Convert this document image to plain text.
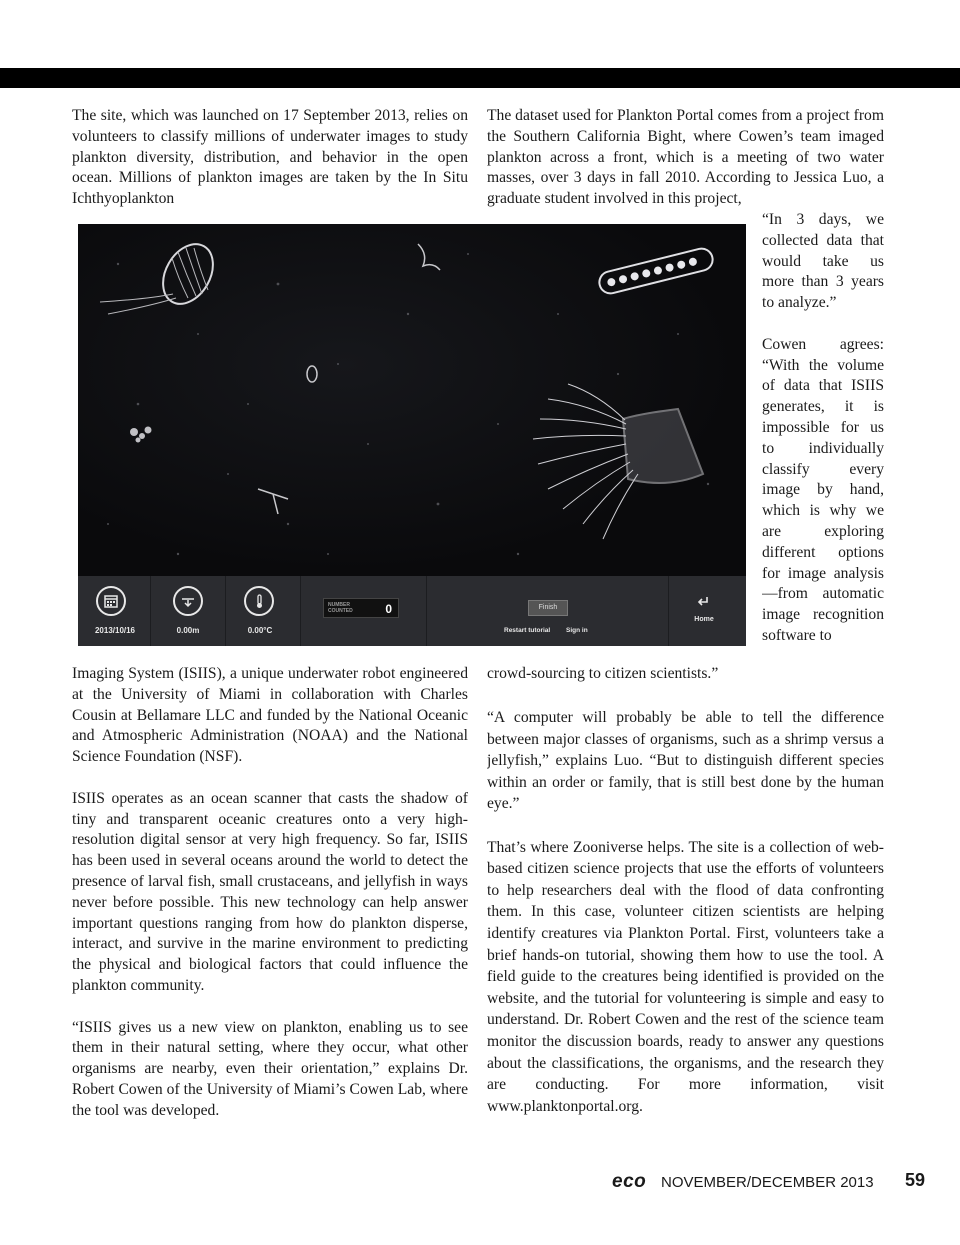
The site, which was launched on 17 September 2013, relies on volunteers to classify millions of underwater images to study plankton diversity, distribution, and behavior in the open ocean. Millions of plankton images are taken by the In Situ Ichthyoplankton

The dataset used for Plankton Portal comes from a project from the Southern California Bight, where Cowen’s team imaged plankton across a front, which is a meeting of two water masses, over 3 days in fall 2010. According to Jessica Luo, a graduate student involved in this project,

“In 3 days, we collected data that would take us more than 3 years to analyze.”

Cowen agrees: “With the volume of data that ISIIS generates, it is impossible for us to individually classify every image by hand, which is why we are exploring different options for image analysis—from automatic image recognition software to

2013/10/16	0.00m	0.00°C
NUMBER COUNTED	0	Finish
Restart tutorial Sign in
Home

crowd-sourcing to citizen scientists.”

Imaging System (ISIIS), a unique underwater robot engineered at the University of Miami in collaboration with Charles Cousin at Bellamare LLC and funded by the National Oceanic and Atmospheric Administration (NOAA) and the National Science Foundation (NSF).

ISIIS operates as an ocean scanner that casts the shadow of tiny and transparent oceanic creatures onto a very high-resolution digital sensor at very high frequency. So far, ISIIS has been used in several oceans around the world to detect the presence of larval fish, small crustaceans, and jellyfish in ways never before possible. This new technology can help answer important questions ranging from how do plankton disperse, interact, and survive in the marine environment to predicting the physical and biological factors that could influence the plankton community.

“ISIIS gives us a new view on plankton, enabling us to see them in their natural setting, where they occur, what other organisms are nearby, even their orientation,” explains Dr. Robert Cowen of the University of Miami’s Cowen Lab, where the tool was developed.

“A computer will probably be able to tell the difference between major classes of organisms, such as a shrimp versus a jellyfish,” explains Luo. “But to distinguish different species within an order or family, that is still best done by the human eye.”

That’s where Zooniverse helps. The site is a collection of web-based citizen science projects that use the efforts of volunteers to help researchers deal with the flood of data confronting them. In this case, volunteer citizen scientists are helping identify creatures via Plankton Portal. First, volunteers take a brief hands-on tutorial, showing them how to use the tool. A field guide to the creatures being identified is provided on the website, and the tutorial for volunteering is simple and easy to understand. Dr. Robert Cowen and the rest of the science team monitor the discussion boards, ready to answer any questions about the classifications, the organisms, and the research they are conducting. For more information, visit www.planktonportal.org.

eco NOVEMBER/DECEMBER 2013 59
